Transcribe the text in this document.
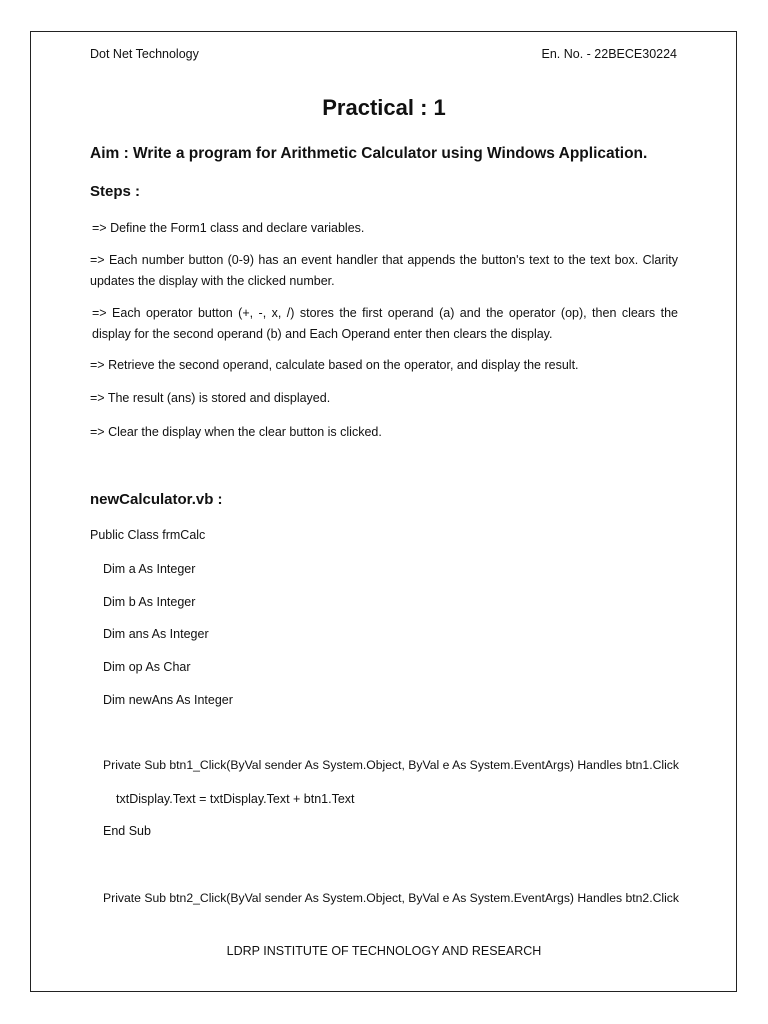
Dot Net Technology	En. No. - 22BECE30224
Practical : 1
Aim : Write a program for Arithmetic Calculator using Windows Application.
Steps :
=> Define the Form1 class and declare variables.
=> Each number button (0-9) has an event handler that appends the button's text to the text box. Clarity updates the display with the clicked number.
=> Each operator button (+, -, x, /) stores the first operand (a) and the operator (op), then clears the display for the second operand (b) and Each Operand enter then clears the display.
=> Retrieve the second operand, calculate based on the operator, and display the result.
=> The result (ans) is stored and displayed.
=> Clear the display when the clear button is clicked.
newCalculator.vb :
Public Class frmCalc
Dim a As Integer
Dim b As Integer
Dim ans As Integer
Dim op As Char
Dim newAns As Integer
Private Sub btn1_Click(ByVal sender As System.Object, ByVal e As System.EventArgs) Handles btn1.Click
txtDisplay.Text = txtDisplay.Text + btn1.Text
End Sub
Private Sub btn2_Click(ByVal sender As System.Object, ByVal e As System.EventArgs) Handles btn2.Click
LDRP INSTITUTE OF TECHNOLOGY AND RESEARCH
